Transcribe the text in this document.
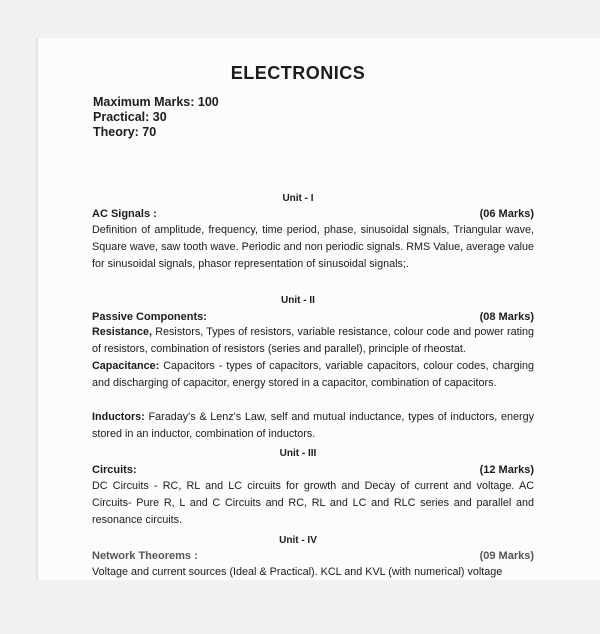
ELECTRONICS
Maximum Marks: 100
Practical: 30
Theory: 70
Unit - I
AC Signals :	(06 Marks)

Definition of amplitude, frequency, time period, phase, sinusoidal signals, Triangular wave, Square wave, saw tooth wave. Periodic and non periodic signals. RMS Value, average value for sinusoidal signals, phasor representation of sinusoidal signals;.

Unit - II
Passive Components:	(08 Marks)

Resistance, Resistors, Types of resistors, variable resistance, colour code and power rating of resistors, combination of resistors (series and parallel), principle of rheostat.

Capacitance: Capacitors - types of capacitors, variable capacitors, colour codes, charging and discharging of capacitor, energy stored in a capacitor, combination of capacitors.

Inductors: Faraday's & Lenz's Law, self and mutual inductance, types of inductors, energy stored in an inductor, combination of inductors.

Unit - III
Circuits:	(12 Marks)

DC Circuits - RC, RL and LC circuits for growth and Decay of current and voltage. AC Circuits- Pure R, L and C Circuits and RC, RL and LC and RLC series and parallel and resonance circuits.

Unit - IV
Network Theorems :	(09 Marks)

Voltage and current sources (Ideal & Practical). KCL and KVL (with numerical) voltage
